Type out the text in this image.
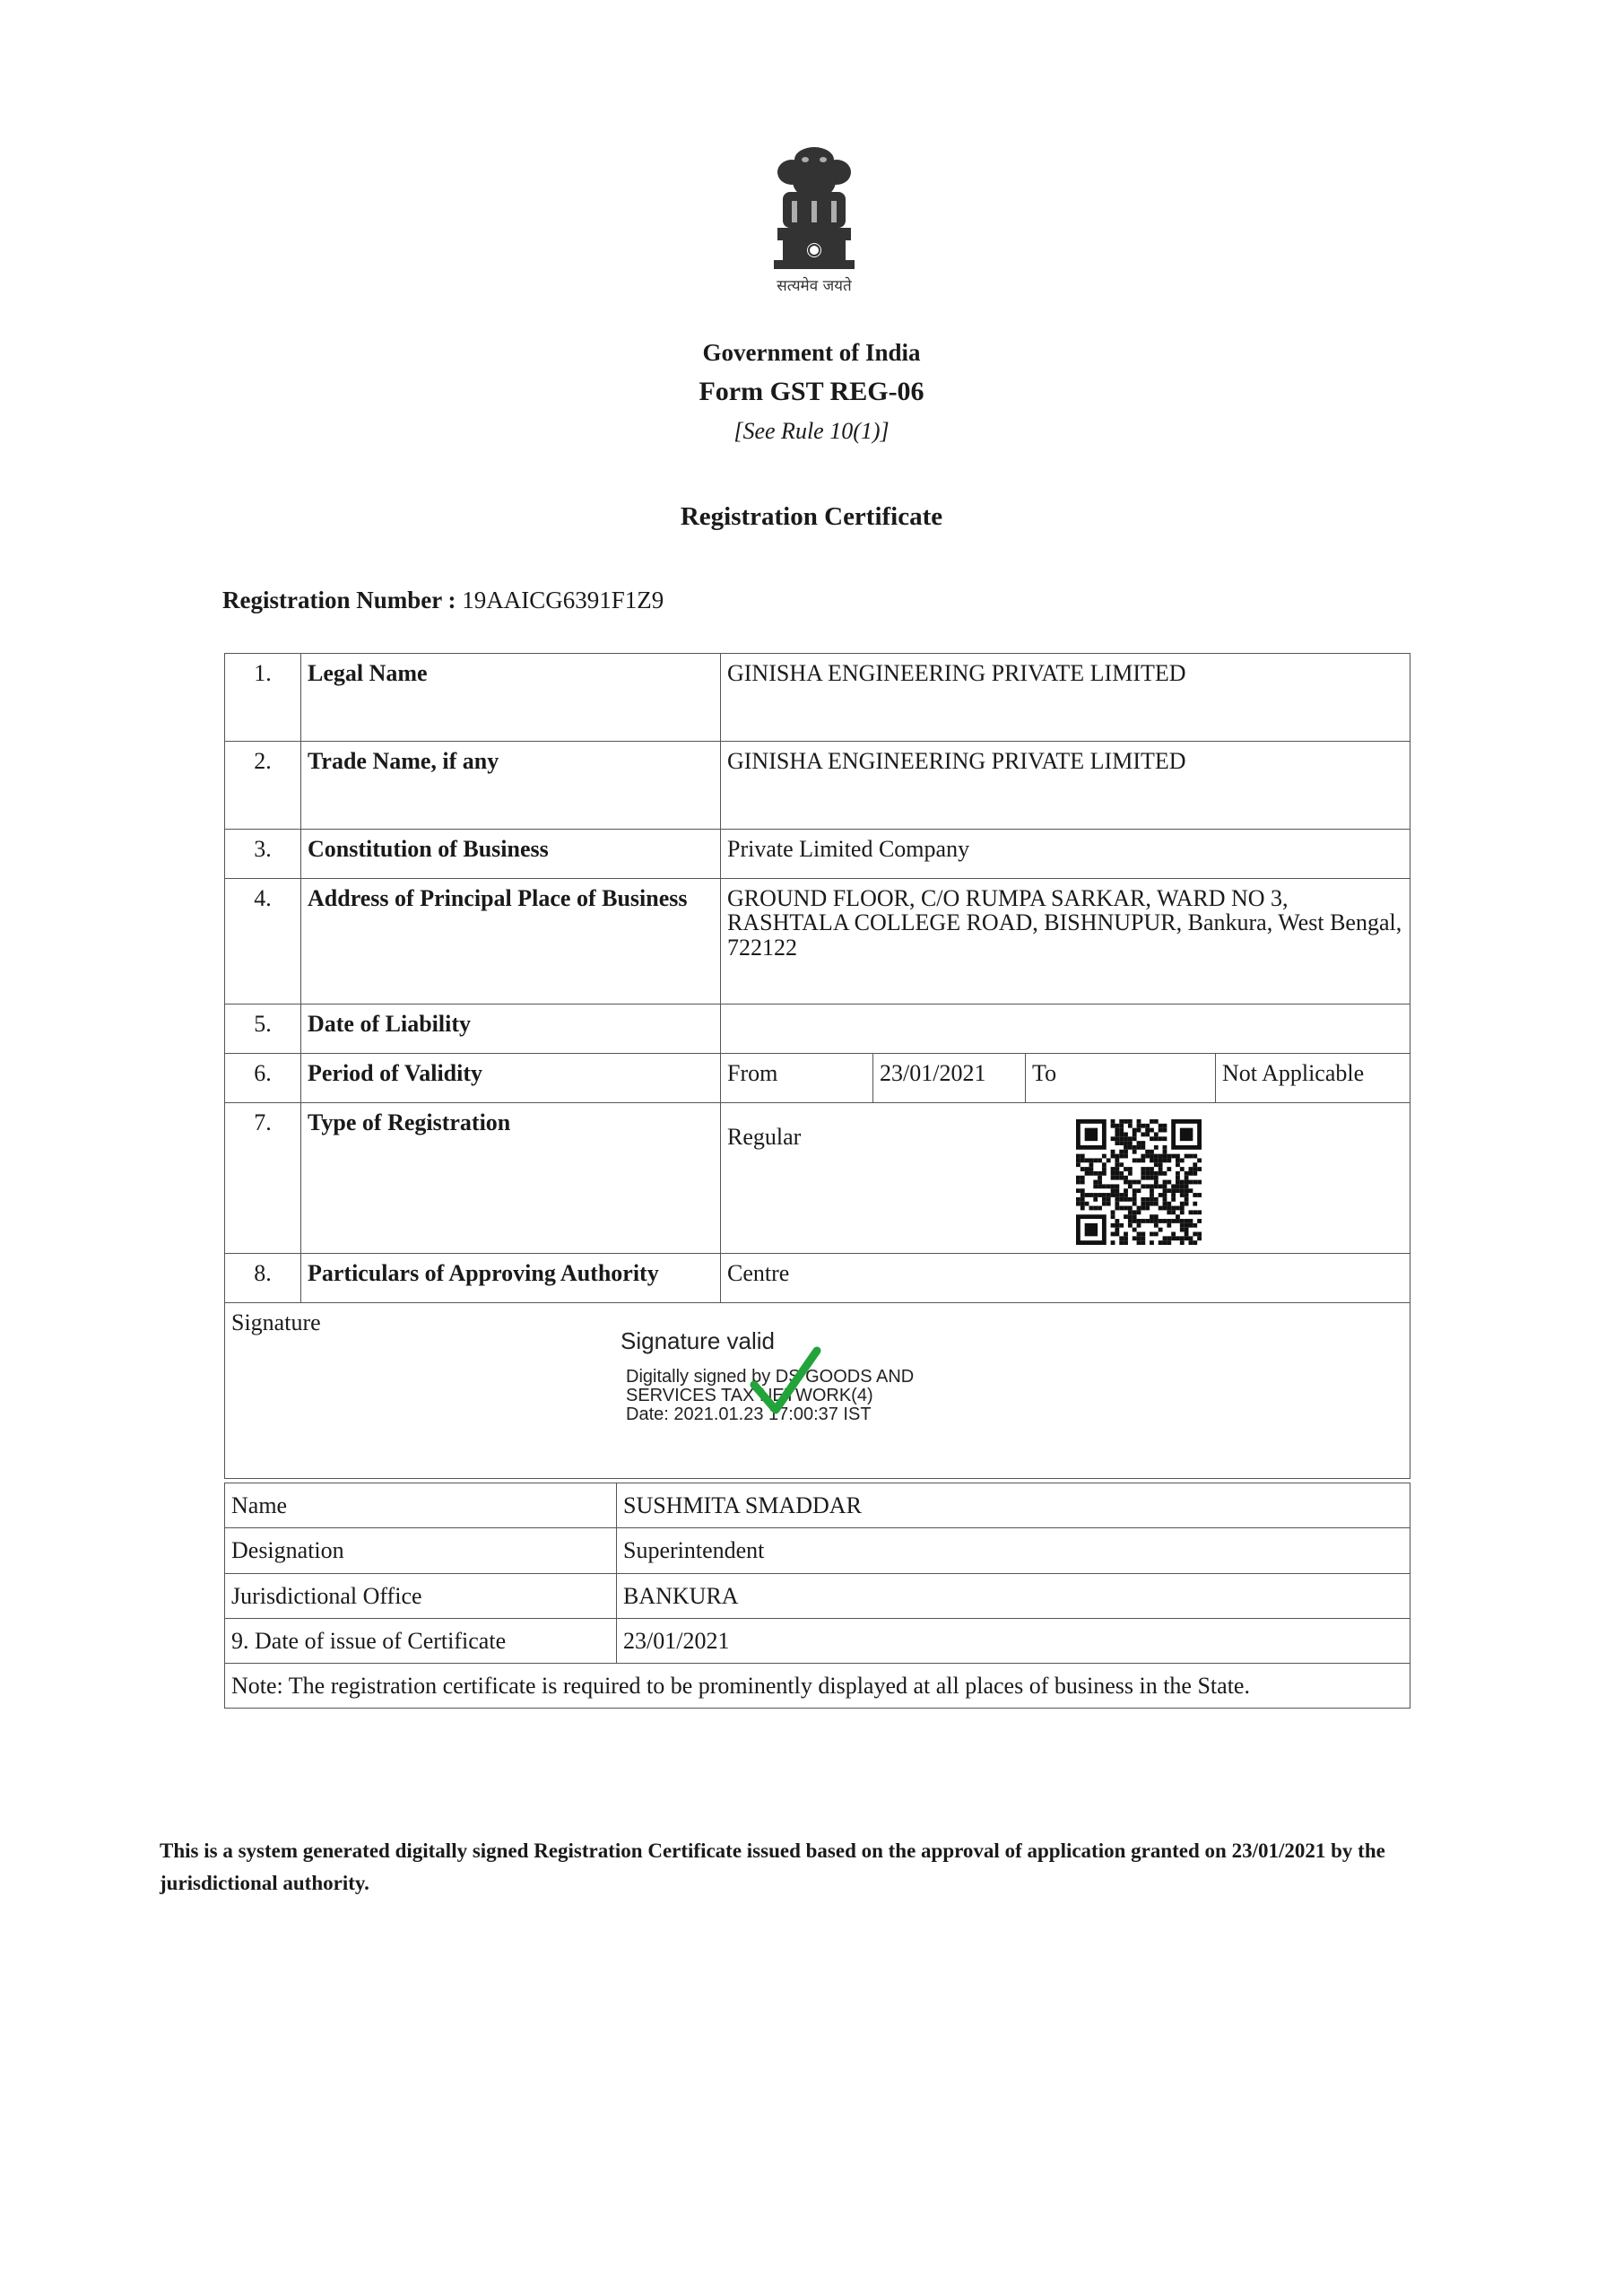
सत्यमेव जयते
Government of India
Form GST REG-06
[See Rule 10(1)]
Registration Certificate
Registration Number : 19AAICG6391F1Z9
1.	Legal Name	GINISHA ENGINEERING PRIVATE LIMITED			
2.	Trade Name, if any	GINISHA ENGINEERING PRIVATE LIMITED			
3.	Constitution of Business	Private Limited Company			
4.	Address of Principal Place of Business	GROUND FLOOR, C/O RUMPA SARKAR, WARD NO 3, RASHTALA COLLEGE ROAD, BISHNUPUR, Bankura, West Bengal, 722122			
5.	Date of Liability				
6.	Period of Validity	From	23/01/2021	To	Not Applicable
7.	Type of Registration	Regular			
8.	Particulars of Approving Authority	Centre			
Signature					
Signature valid
Digitally signed by DS GOODS AND
SERVICES TAX NETWORK(4)
Date: 2021.01.23 17:00:37 IST
Name	SUSHMITA SMADDAR
Designation	Superintendent
Jurisdictional Office	BANKURA
9. Date of issue of Certificate	23/01/2021
Note: The registration certificate is required to be prominently displayed at all places of business in the State.	
This is a system generated digitally signed Registration Certificate issued based on the approval of application granted on 23/01/2021 by the jurisdictional authority.
